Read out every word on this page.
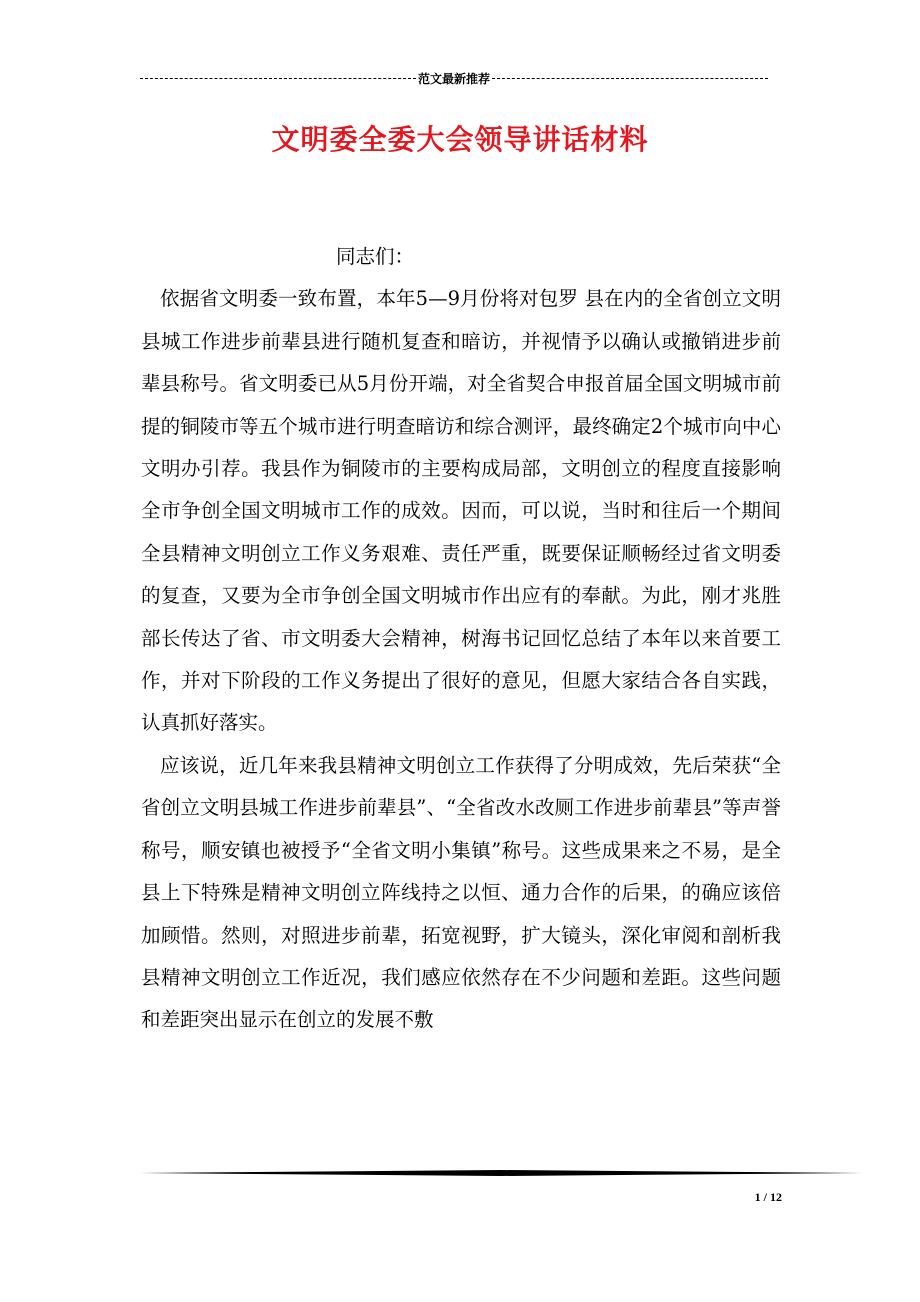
范文最新推荐
文明委全委大会领导讲话材料

同志们：

依据省文明委一致布置，本年5—9月份将对包罗 县在内的全省创立文明县城工作进步前辈县进行随机复查和暗访，并视情予以确认或撤销进步前辈县称号。省文明委已从5月份开端，对全省契合申报首届全国文明城市前提的铜陵市等五个城市进行明查暗访和综合测评，最终确定2个城市向中心文明办引荐。我县作为铜陵市的主要构成局部，文明创立的程度直接影响全市争创全国文明城市工作的成效。因而，可以说，当时和往后一个期间全县精神文明创立工作义务艰难、责任严重，既要保证顺畅经过省文明委的复查，又要为全市争创全国文明城市作出应有的奉献。为此，刚才兆胜部长传达了省、市文明委大会精神，树海书记回忆总结了本年以来首要工作，并对下阶段的工作义务提出了很好的意见，但愿大家结合各自实践，认真抓好落实。

应该说，近几年来我县精神文明创立工作获得了分明成效，先后荣获“全省创立文明县城工作进步前辈县”、“全省改水改厕工作进步前辈县”等声誉称号，顺安镇也被授予“全省文明小集镇”称号。这些成果来之不易，是全县上下特殊是精神文明创立阵线持之以恒、通力合作的后果，的确应该倍加顾惜。然则，对照进步前辈，拓宽视野，扩大镜头，深化审阅和剖析我县精神文明创立工作近况，我们感应依然存在不少问题和差距。这些问题和差距突出显示在创立的发展不敷

1 / 12
